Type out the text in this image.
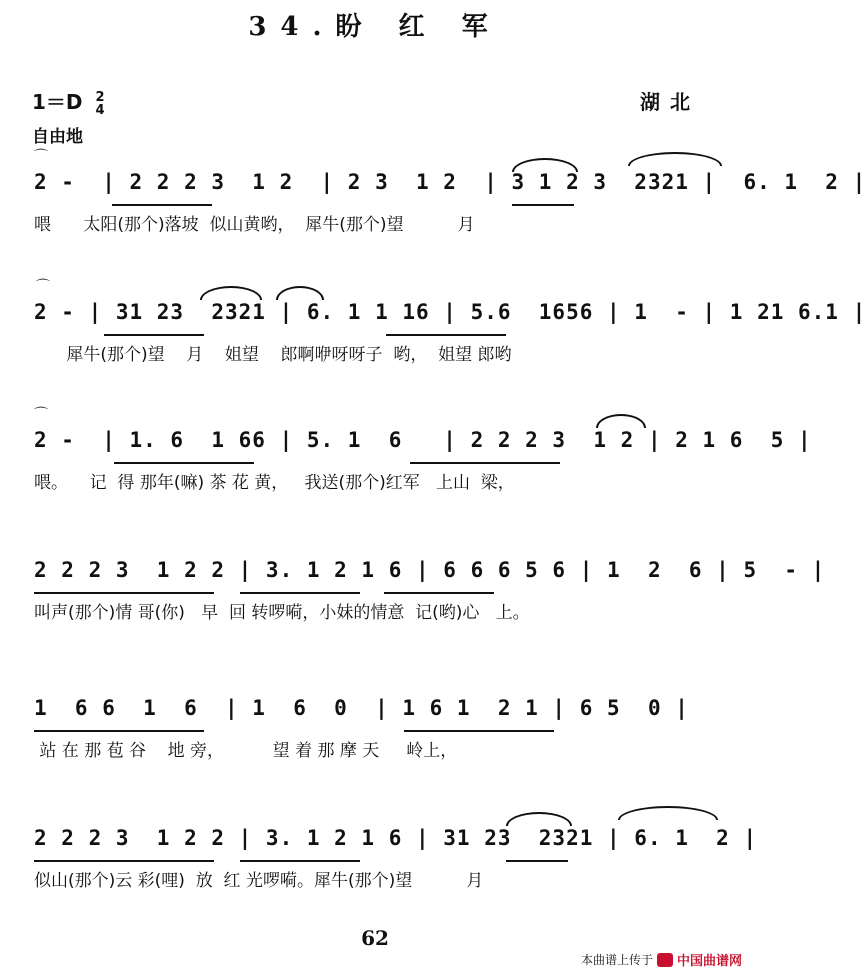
34.盼 红 军
1＝D 2
4
自由地
湖北
⌒
2 -  | 2 2 2 3  1 2  | 2 3  1 2  | 3 1 2 3  2321 |  6. 1  2 |
喂      太阳(那个)落坡  似山黄哟，  犀牛(那个)望          月
⌒
2 - | 31 23  2321 | 6. 1 1 16 | 5.6  1656 | 1  - | 1 21 6.1 |
犀牛(那个)望    月    姐望    郎啊咿呀呀子  哟，  姐望 郎哟
⌒
2 -  | 1. 6  1 66 | 5. 1  6   | 2 2 2 3  1 2 | 2 1 6  5 |
喂。    记  得 那年(嘛) 茶 花 黄，   我送(那个)红军   上山  梁，
2 2 2 3  1 2 2 | 3. 1 2 1 6 | 6 6 6 5 6 | 1  2  6 | 5  - |
叫声(那个)情 哥(你)   早  回 转啰嗬，小妹的情意  记(哟)心   上。
1  6 6  1  6  | 1  6  0  | 1 6 1  2 1 | 6 5  0 |
站 在 那 苞 谷    地 旁，         望 着 那 摩 天     岭上，
2 2 2 3  1 2 2 | 3. 1 2 1 6 | 31 23  2321 | 6. 1  2 |
似山(那个)云 彩(哩)  放  红 光啰嗬。犀牛(那个)望          月
62
本曲谱上传于 中国曲谱网
